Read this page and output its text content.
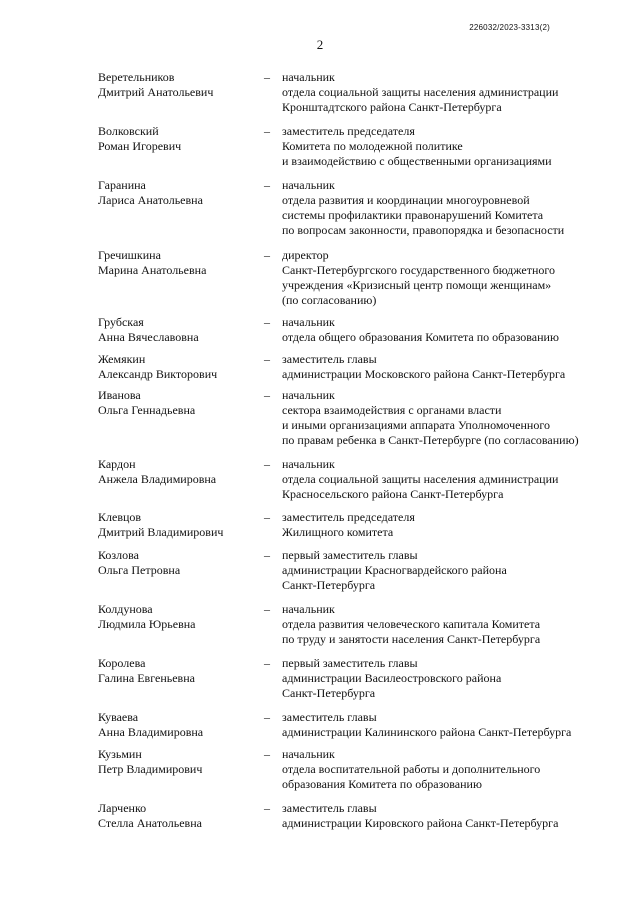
226032/2023-3313(2)
2
Веретельников
Дмитрий Анатольевич
–	начальник
отдела социальной защиты населения администрации
Кронштадтского района Санкт-Петербурга
Волковский
Роман Игоревич
–	заместитель председателя
Комитета по молодежной политике
и взаимодействию с общественными организациями
Гаранина
Лариса Анатольевна
–	начальник
отдела развития и координации многоуровневой
системы профилактики правонарушений Комитета
по вопросам законности, правопорядка и безопасности
Гречишкина
Марина Анатольевна
–	директор
Санкт-Петербургского государственного бюджетного
учреждения «Кризисный центр помощи женщинам»
(по согласованию)
Грубская
Анна Вячеславовна
–	начальник
отдела общего образования Комитета по образованию
Жемякин
Александр Викторович
–	заместитель главы
администрации Московского района Санкт-Петербурга
Иванова
Ольга Геннадьевна
–	начальник
сектора взаимодействия с органами власти
и иными организациями аппарата Уполномоченного
по правам ребенка в Санкт-Петербурге (по согласованию)
Кардон
Анжела Владимировна
–	начальник
отдела социальной защиты населения администрации
Красносельского района Санкт-Петербурга
Клевцов
Дмитрий Владимирович
–	заместитель председателя
Жилищного комитета
Козлова
Ольга Петровна
–	первый заместитель главы
администрации Красногвардейского района
Санкт-Петербурга
Колдунова
Людмила Юрьевна
–	начальник
отдела развития человеческого капитала Комитета
по труду и занятости населения Санкт-Петербурга
Королева
Галина Евгеньевна
–	первый заместитель главы
администрации Василеостровского района
Санкт-Петербурга
Куваева
Анна Владимировна
–	заместитель главы
администрации Калининского района Санкт-Петербурга
Кузьмин
Петр Владимирович
–	начальник
отдела воспитательной работы и дополнительного
образования Комитета по образованию
Ларченко
Стелла Анатольевна
–	заместитель главы
администрации Кировского района Санкт-Петербурга
